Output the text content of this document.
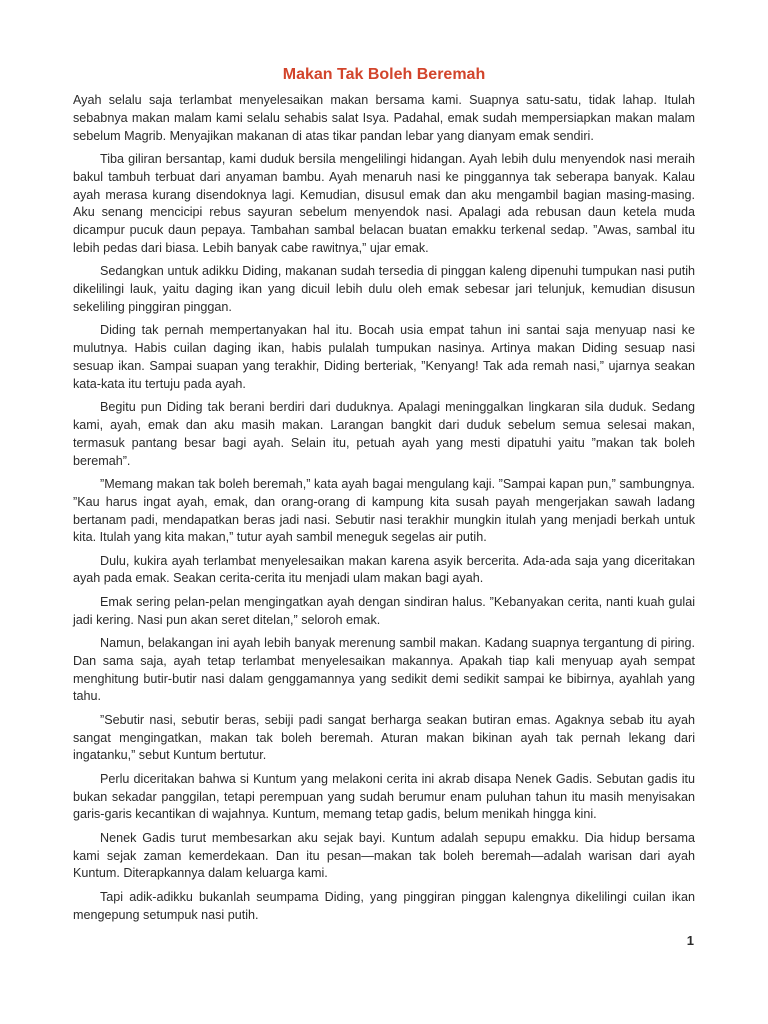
Makan Tak Boleh Beremah

Ayah selalu saja terlambat menyelesaikan makan bersama kami. Suapnya satu-satu, tidak lahap. Itulah sebabnya makan malam kami selalu sehabis salat Isya. Padahal, emak sudah mempersiapkan makan malam sebelum Magrib. Menyajikan makanan di atas tikar pandan lebar yang dianyam emak sendiri.

Tiba giliran bersantap, kami duduk bersila mengelilingi hidangan. Ayah lebih dulu menyendok nasi meraih bakul tambuh terbuat dari anyaman bambu. Ayah menaruh nasi ke pinggannya tak seberapa banyak. Kalau ayah merasa kurang disendoknya lagi. Kemudian, disusul emak dan aku mengambil bagian masing-masing. Aku senang mencicipi rebus sayuran sebelum menyendok nasi. Apalagi ada rebusan daun ketela muda dicampur pucuk daun pepaya. Tambahan sambal belacan buatan emakku terkenal sedap. ”Awas, sambal itu lebih pedas dari biasa. Lebih banyak cabe rawitnya,” ujar emak.

Sedangkan untuk adikku Diding, makanan sudah tersedia di pinggan kaleng dipenuhi tumpukan nasi putih dikelilingi lauk, yaitu daging ikan yang dicuil lebih dulu oleh emak sebesar jari telunjuk, kemudian disusun sekeliling pinggiran pinggan.

Diding tak pernah mempertanyakan hal itu. Bocah usia empat tahun ini santai saja menyuap nasi ke mulutnya. Habis cuilan daging ikan, habis pulalah tumpukan nasinya. Artinya makan Diding sesuap nasi sesuap ikan. Sampai suapan yang terakhir, Diding berteriak, ”Kenyang! Tak ada remah nasi,” ujarnya seakan kata-kata itu tertuju pada ayah.

Begitu pun Diding tak berani berdiri dari duduknya. Apalagi meninggalkan lingkaran sila duduk. Sedang kami, ayah, emak dan aku masih makan. Larangan bangkit dari duduk sebelum semua selesai makan, termasuk pantang besar bagi ayah. Selain itu, petuah ayah yang mesti dipatuhi yaitu ”makan tak boleh beremah”.

”Memang makan tak boleh beremah,” kata ayah bagai mengulang kaji. ”Sampai kapan pun,” sambungnya. ”Kau harus ingat ayah, emak, dan orang-orang di kampung kita susah payah mengerjakan sawah ladang bertanam padi, mendapatkan beras jadi nasi. Sebutir nasi terakhir mungkin itulah yang menjadi berkah untuk kita. Itulah yang kita makan,” tutur ayah sambil meneguk segelas air putih.

Dulu, kukira ayah terlambat menyelesaikan makan karena asyik bercerita. Ada-ada saja yang diceritakan ayah pada emak. Seakan cerita-cerita itu menjadi ulam makan bagi ayah.

Emak sering pelan-pelan mengingatkan ayah dengan sindiran halus. ”Kebanyakan cerita, nanti kuah gulai jadi kering. Nasi pun akan seret ditelan,” seloroh emak.

Namun, belakangan ini ayah lebih banyak merenung sambil makan. Kadang suapnya tergantung di piring. Dan sama saja, ayah tetap terlambat menyelesaikan makannya. Apakah tiap kali menyuap ayah sempat menghitung butir-butir nasi dalam genggamannya yang sedikit demi sedikit sampai ke bibirnya, ayahlah yang tahu.

”Sebutir nasi, sebutir beras, sebiji padi sangat berharga seakan butiran emas. Agaknya sebab itu ayah sangat mengingatkan, makan tak boleh beremah. Aturan makan bikinan ayah tak pernah lekang dari ingatanku,” sebut Kuntum bertutur.

Perlu diceritakan bahwa si Kuntum yang melakoni cerita ini akrab disapa Nenek Gadis. Sebutan gadis itu bukan sekadar panggilan, tetapi perempuan yang sudah berumur enam puluhan tahun itu masih menyisakan garis-garis kecantikan di wajahnya. Kuntum, memang tetap gadis, belum menikah hingga kini.

Nenek Gadis turut membesarkan aku sejak bayi. Kuntum adalah sepupu emakku. Dia hidup bersama kami sejak zaman kemerdekaan. Dan itu pesan—makan tak boleh beremah—adalah warisan dari ayah Kuntum. Diterapkannya dalam keluarga kami.

Tapi adik-adikku bukanlah seumpama Diding, yang pinggiran pinggan kalengnya dikelilingi cuilan ikan mengepung setumpuk nasi putih.

1
